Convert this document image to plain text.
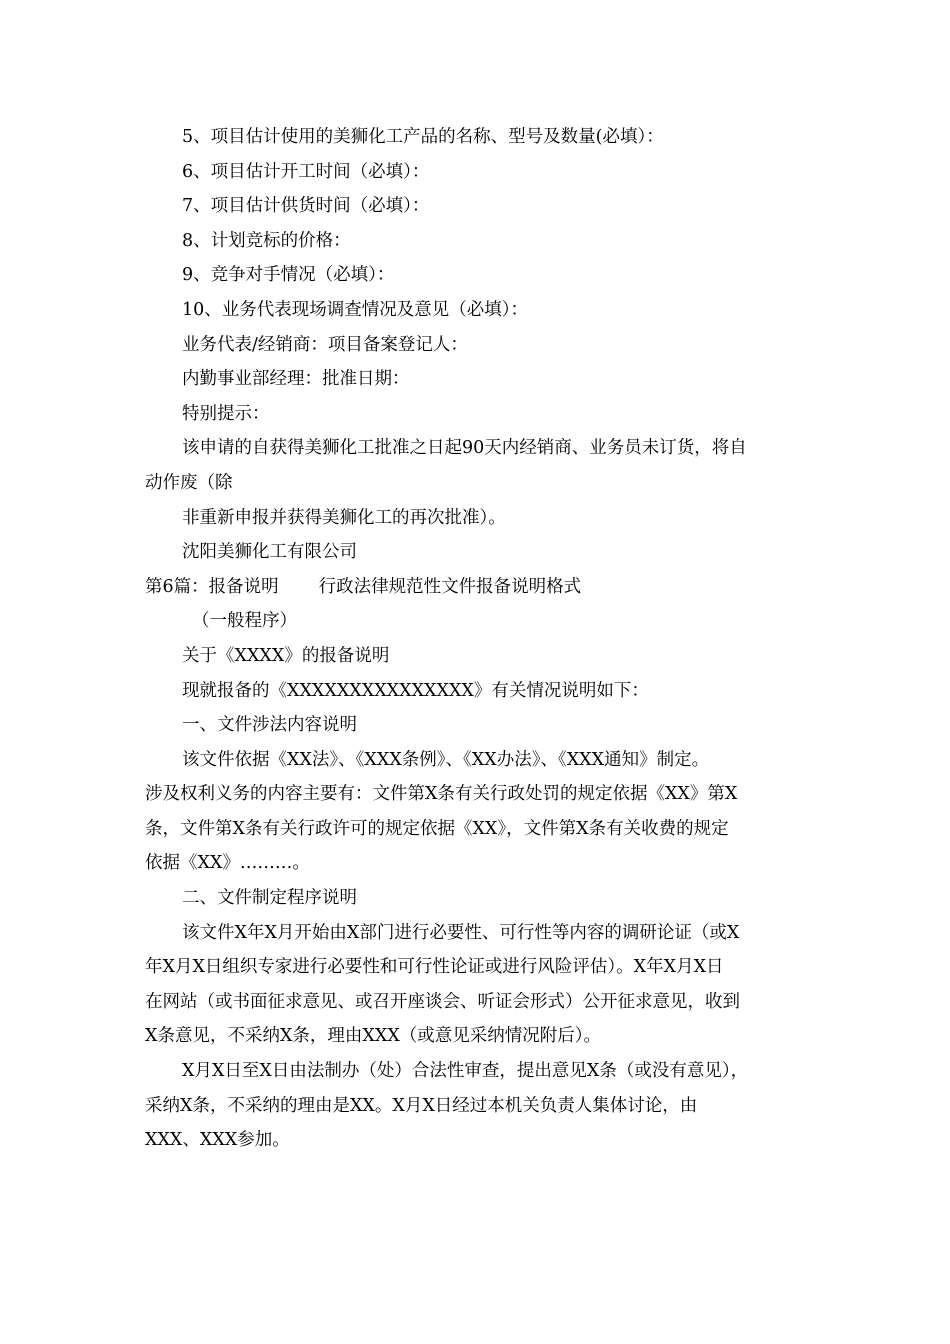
5、项目估计使用的美狮化工产品的名称、型号及数量(必填）：
6、项目估计开工时间（必填）：
7、项目估计供货时间（必填）：
8、计划竞标的价格：
9、竞争对手情况（必填）：
10、业务代表现场调查情况及意见（必填）：
业务代表/经销商：项目备案登记人：
内勤事业部经理：批准日期：
特别提示：
该申请的自获得美狮化工批准之日起90天内经销商、业务员未订货，将自
动作废（除
非重新申报并获得美狮化工的再次批准）。
沈阳美狮化工有限公司
第6篇：报备说明 行政法律规范性文件报备说明格式
（一般程序）
关于《XXXX》的报备说明
现就报备的《XXXXXXXXXXXXXXX》有关情况说明如下：
一、文件涉法内容说明
该文件依据《XX法》、《XXX条例》、《XX办法》、《XXX通知》制定。
涉及权利义务的内容主要有：文件第X条有关行政处罚的规定依据《XX》第X
条，文件第X条有关行政许可的规定依据《XX》，文件第X条有关收费的规定
依据《XX》………。
二、文件制定程序说明
该文件X年X月开始由X部门进行必要性、可行性等内容的调研论证（或X
年X月X日组织专家进行必要性和可行性论证或进行风险评估）。X年X月X日
在网站（或书面征求意见、或召开座谈会、听证会形式）公开征求意见，收到
X条意见，不采纳X条，理由XXX（或意见采纳情况附后）。
X月X日至X日由法制办（处）合法性审查，提出意见X条（或没有意见），
采纳X条，不采纳的理由是XX。X月X日经过本机关负责人集体讨论，由
XXX、XXX参加。
